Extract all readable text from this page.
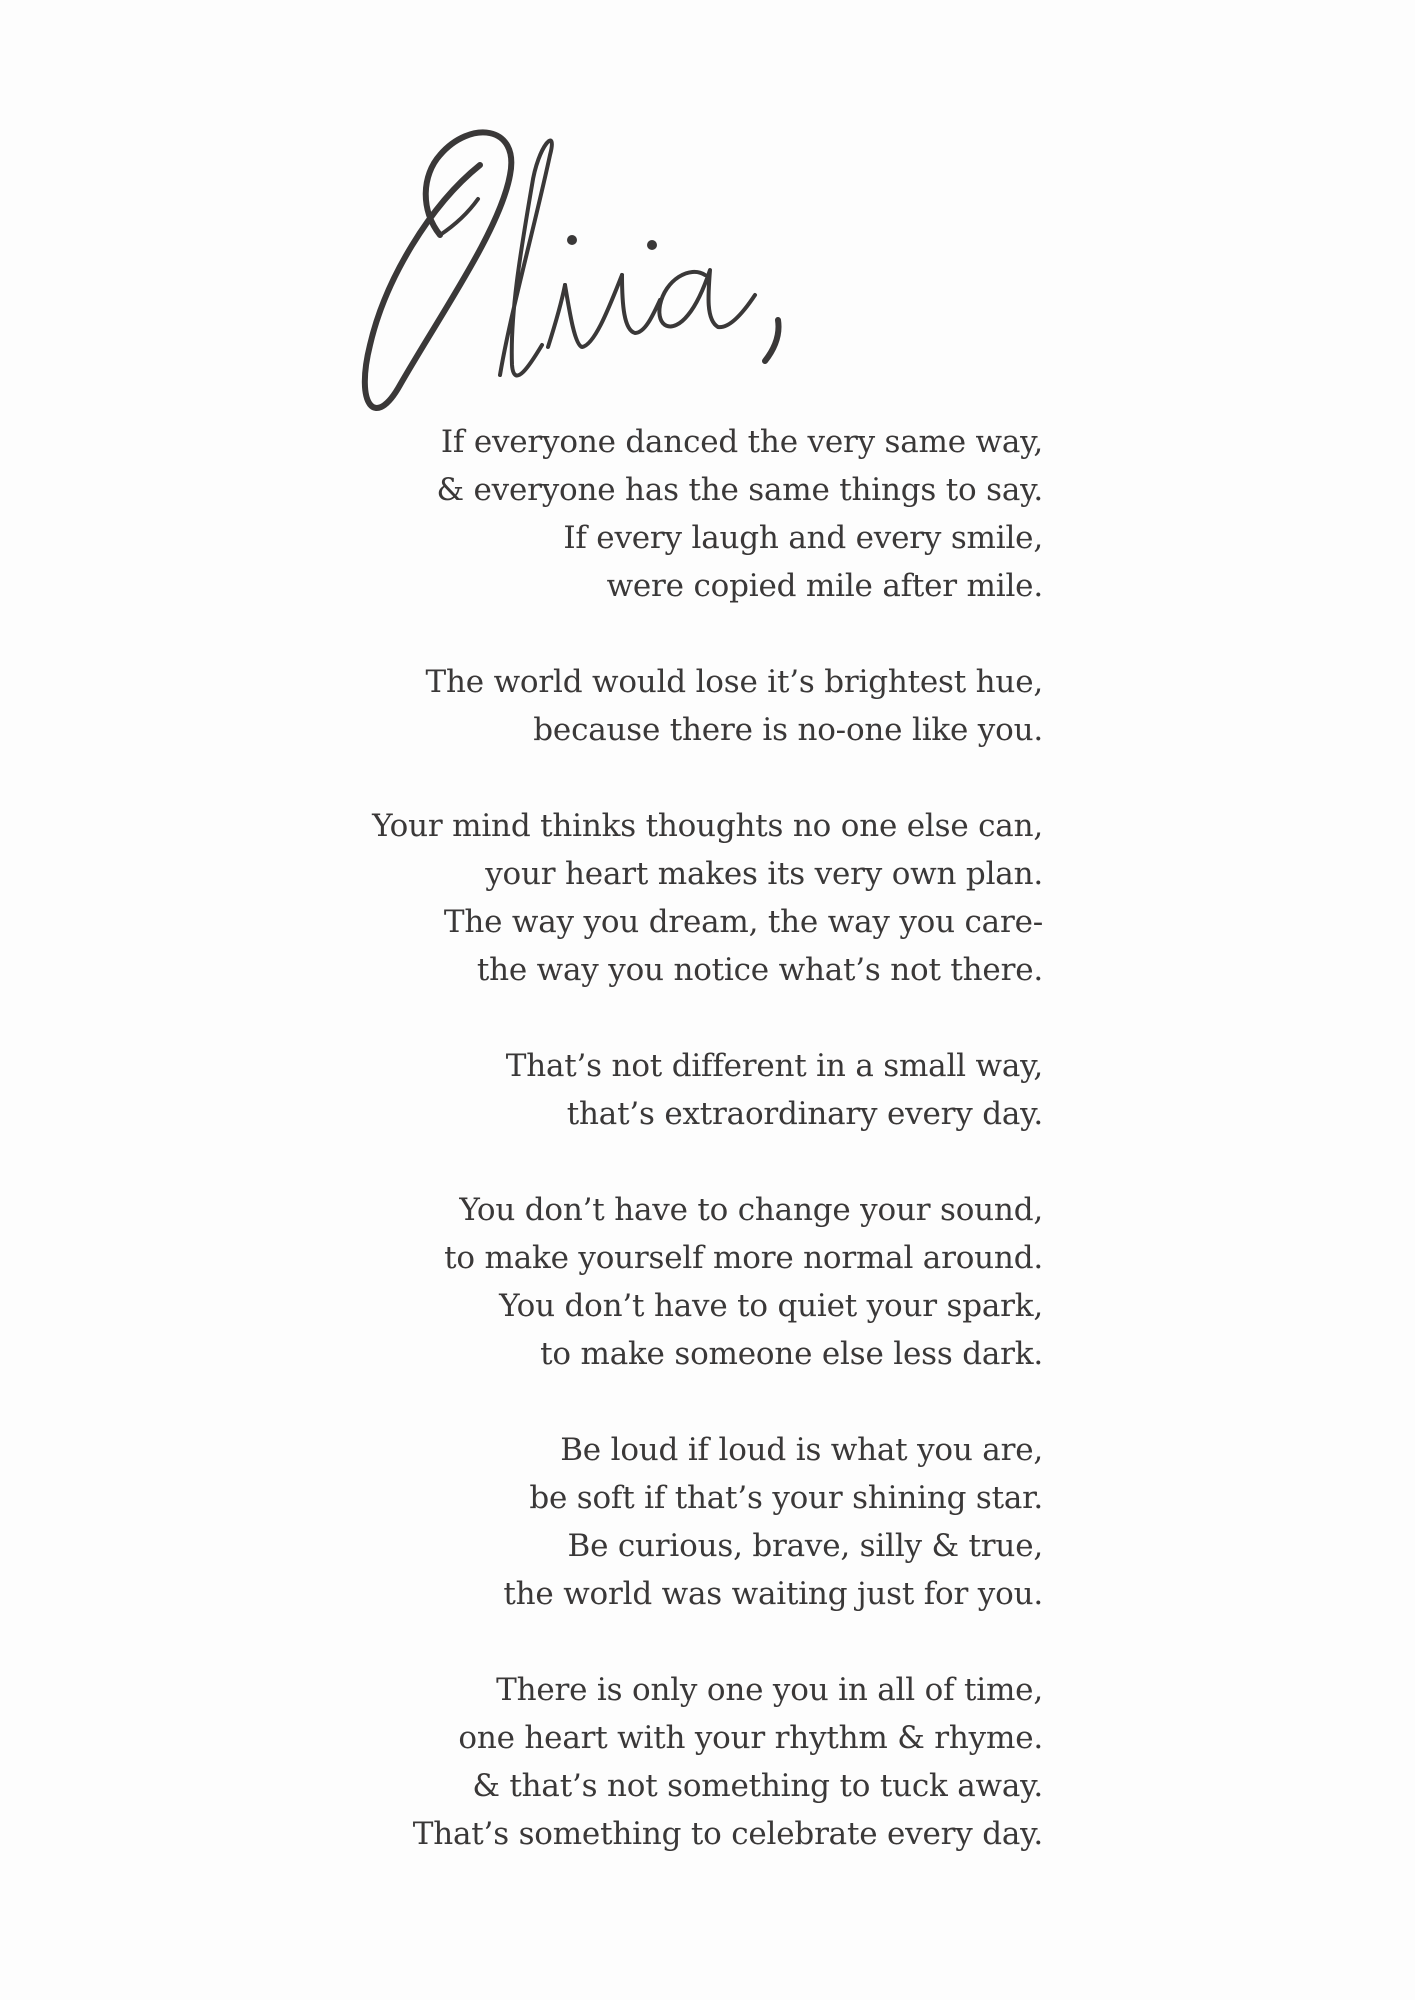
Olivia,
If everyone danced the very same way,
& everyone has the same things to say.
If every laugh and every smile,
were copied mile after mile.
The world would lose it’s brightest hue,
because there is no-one like you.
Your mind thinks thoughts no one else can,
your heart makes its very own plan.
The way you dream, the way you care-
the way you notice what’s not there.
That’s not different in a small way,
that’s extraordinary every day.
You don’t have to change your sound,
to make yourself more normal around.
You don’t have to quiet your spark,
to make someone else less dark.
Be loud if loud is what you are,
be soft if that’s your shining star.
Be curious, brave, silly & true,
the world was waiting just for you.
There is only one you in all of time,
one heart with your rhythm & rhyme.
& that’s not something to tuck away.
That’s something to celebrate every day.
